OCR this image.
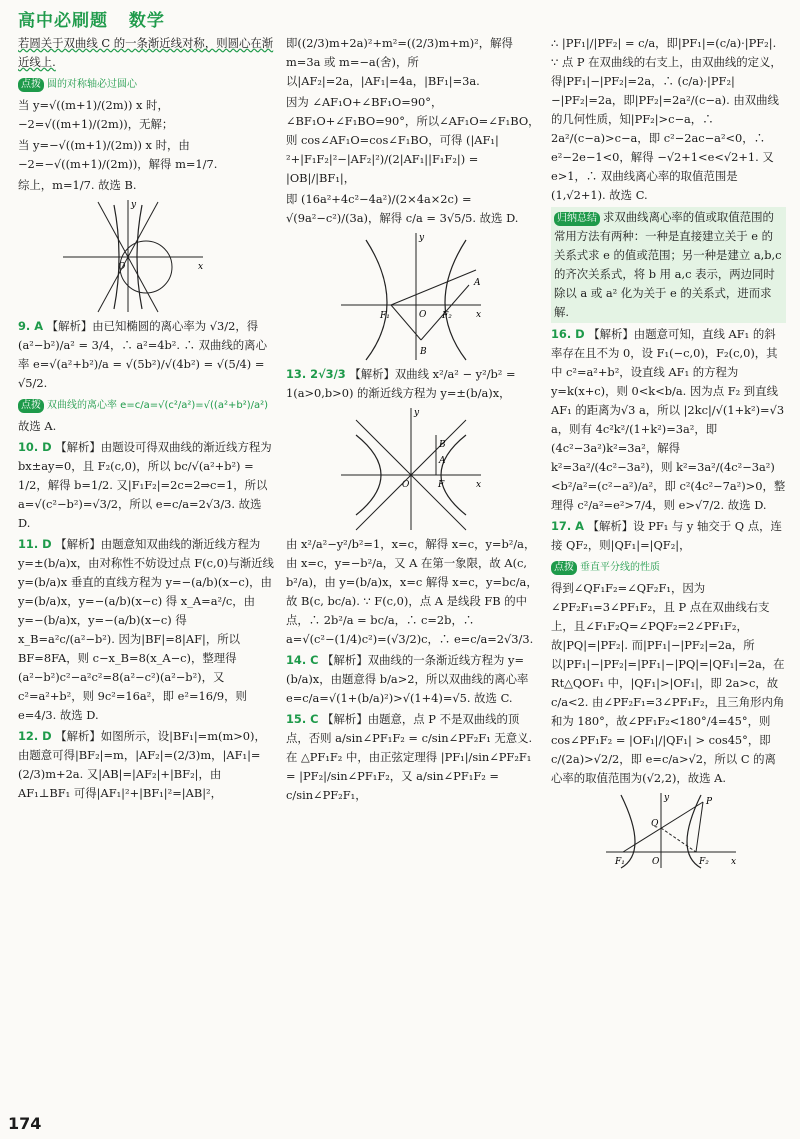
高中必刷题 数学

若圆关于双曲线 C 的一条渐近线对称，则圆心在渐近线上.

点拨 圆的对称轴必过圆心

当 y=√((m+1)/(2m)) x 时，−2=√((m+1)/(2m))，无解；

当 y=−√((m+1)/(2m)) x 时，由 −2=−√((m+1)/(2m))，解得 m=1/7.

综上，m=1/7. 故选 B.

x
y
O

9. A 【解析】由已知椭圆的离心率为 √3/2，得 (a²−b²)/a² = 3/4，∴ a²=4b². ∴ 双曲线的离心率 e=√(a²+b²)/a = √(5b²)/√(4b²) = √(5/4) = √5/2.

点拨 双曲线的离心率 e=c/a=√(c²/a²)=√((a²+b²)/a²)

故选 A.

10. D 【解析】由题设可得双曲线的渐近线方程为 bx±ay=0，且 F₂(c,0)，所以 bc/√(a²+b²) = 1/2，解得 b=1/2. 又|F₁F₂|=2c=2⇒c=1，所以 a=√(c²−b²)=√3/2，所以 e=c/a=2√3/3. 故选 D.

11. D 【解析】由题意知双曲线的渐近线方程为 y=±(b/a)x，由对称性不妨设过点 F(c,0)与渐近线 y=(b/a)x 垂直的直线方程为 y=−(a/b)(x−c)，由 y=(b/a)x，y=−(a/b)(x−c) 得 x_A=a²/c，由 y=−(b/a)x，y=−(a/b)(x−c) 得 x_B=a²c/(a²−b²). 因为|BF|=8|AF|，所以 BF=8FA，则 c−x_B=8(x_A−c)，整理得(a²−b²)c²−a²c²=8(a²−c²)(a²−b²)，又 c²=a²+b²，则 9c²=16a²，即 e²=16/9，则 e=4/3. 故选 D.

12. D 【解析】如图所示，设|BF₁|=m(m>0)，由题意可得|BF₂|=m，|AF₂|=(2/3)m，|AF₁|=(2/3)m+2a. 又|AB|=|AF₂|+|BF₂|，由 AF₁⊥BF₁ 可得|AF₁|²+|BF₁|²=|AB|²，

即((2/3)m+2a)²+m²=((2/3)m+m)²，解得 m=3a 或 m=−a(舍)，所以|AF₂|=2a，|AF₁|=4a，|BF₁|=3a.

因为 ∠AF₁O+∠BF₁O=90°，∠BF₁O+∠F₁BO=90°，所以∠AF₁O=∠F₁BO，则 cos∠AF₁O=cos∠F₁BO，可得 (|AF₁|²+|F₁F₂|²−|AF₂|²)/(2|AF₁||F₁F₂|) = |OB|/|BF₁|，

即 (16a²+4c²−4a²)/(2×4a×2c) = √(9a²−c²)/(3a)，解得 c/a = 3√5/5. 故选 D.

x
y
O
A
B
F₁	F₂

13. 2√3/3 【解析】双曲线 x²/a² − y²/b² = 1(a>0,b>0) 的渐近线方程为 y=±(b/a)x，

x
y
O
B
A
F

由 x²/a²−y²/b²=1，x=c，解得 x=c，y=b²/a，由 x=c，y=−b²/a，又 A 在第一象限，故 A(c, b²/a)，由 y=(b/a)x，x=c 解得 x=c，y=bc/a，故 B(c, bc/a). ∵ F(c,0)，点 A 是线段 FB 的中点，∴ 2b²/a = bc/a，∴ c=2b，∴ a=√(c²−(1/4)c²)=(√3/2)c，∴ e=c/a=2√3/3.

14. C 【解析】双曲线的一条渐近线方程为 y=(b/a)x，由题意得 b/a>2，所以双曲线的离心率 e=c/a=√(1+(b/a)²)>√(1+4)=√5. 故选 C.

15. C 【解析】由题意，点 P 不是双曲线的顶点，否则 a/sin∠PF₁F₂ = c/sin∠PF₂F₁ 无意义. 在 △PF₁F₂ 中，由正弦定理得 |PF₁|/sin∠PF₂F₁ = |PF₂|/sin∠PF₁F₂，又 a/sin∠PF₁F₂ = c/sin∠PF₂F₁，

∴ |PF₁|/|PF₂| = c/a，即|PF₁|=(c/a)·|PF₂|. ∵ 点 P 在双曲线的右支上，由双曲线的定义，得|PF₁|−|PF₂|=2a，∴ (c/a)·|PF₂|−|PF₂|=2a，即|PF₂|=2a²/(c−a). 由双曲线的几何性质，知|PF₂|>c−a，∴ 2a²/(c−a)>c−a，即 c²−2ac−a²<0，∴ e²−2e−1<0，解得 −√2+1<e<√2+1. 又 e>1，∴ 双曲线离心率的取值范围是(1,√2+1). 故选 C.

归纳总结 求双曲线离心率的值或取值范围的常用方法有两种：一种是直接建立关于 e 的关系式求 e 的值或范围；另一种是建立 a,b,c 的齐次关系式，将 b 用 a,c 表示，两边同时除以 a 或 a² 化为关于 e 的关系式，进而求解.

16. D 【解析】由题意可知，直线 AF₁ 的斜率存在且不为 0，设 F₁(−c,0)，F₂(c,0)，其中 c²=a²+b²，设直线 AF₁ 的方程为 y=k(x+c)，则 0<k<b/a. 因为点 F₂ 到直线 AF₁ 的距离为√3 a，所以 |2kc|/√(1+k²)=√3 a，则有 4c²k²/(1+k²)=3a²，即(4c²−3a²)k²=3a²，解得 k²=3a²/(4c²−3a²)，则 k²=3a²/(4c²−3a²)<b²/a²=(c²−a²)/a²，即 c²(4c²−7a²)>0，整理得 c²/a²=e²>7/4，则 e>√7/2. 故选 D.

17. A 【解析】设 PF₁ 与 y 轴交于 Q 点，连接 QF₂，则|QF₁|=|QF₂|，

点拨 垂直平分线的性质

得到∠QF₁F₂=∠QF₂F₁，因为∠PF₂F₁=3∠PF₁F₂，且 P 点在双曲线右支上，且∠F₁F₂Q=∠PQF₂=2∠PF₁F₂，故|PQ|=|PF₂|. 而|PF₁|−|PF₂|=2a，所以|PF₁|−|PF₂|=|PF₁|−|PQ|=|QF₁|=2a，在 Rt△QOF₁ 中，|QF₁|>|OF₁|，即 2a>c，故 c/a<2. 由∠PF₂F₁=3∠PF₁F₂，且三角形内角和为 180°，故∠PF₁F₂<180°/4=45°，则 cos∠PF₁F₂ = |OF₁|/|QF₁| > cos45°，即 c/(2a)>√2/2，即 e=c/a>√2，所以 C 的离心率的取值范围为(√2,2)，故选 A.

x
y
O
P
Q
F₁	F₂
174
